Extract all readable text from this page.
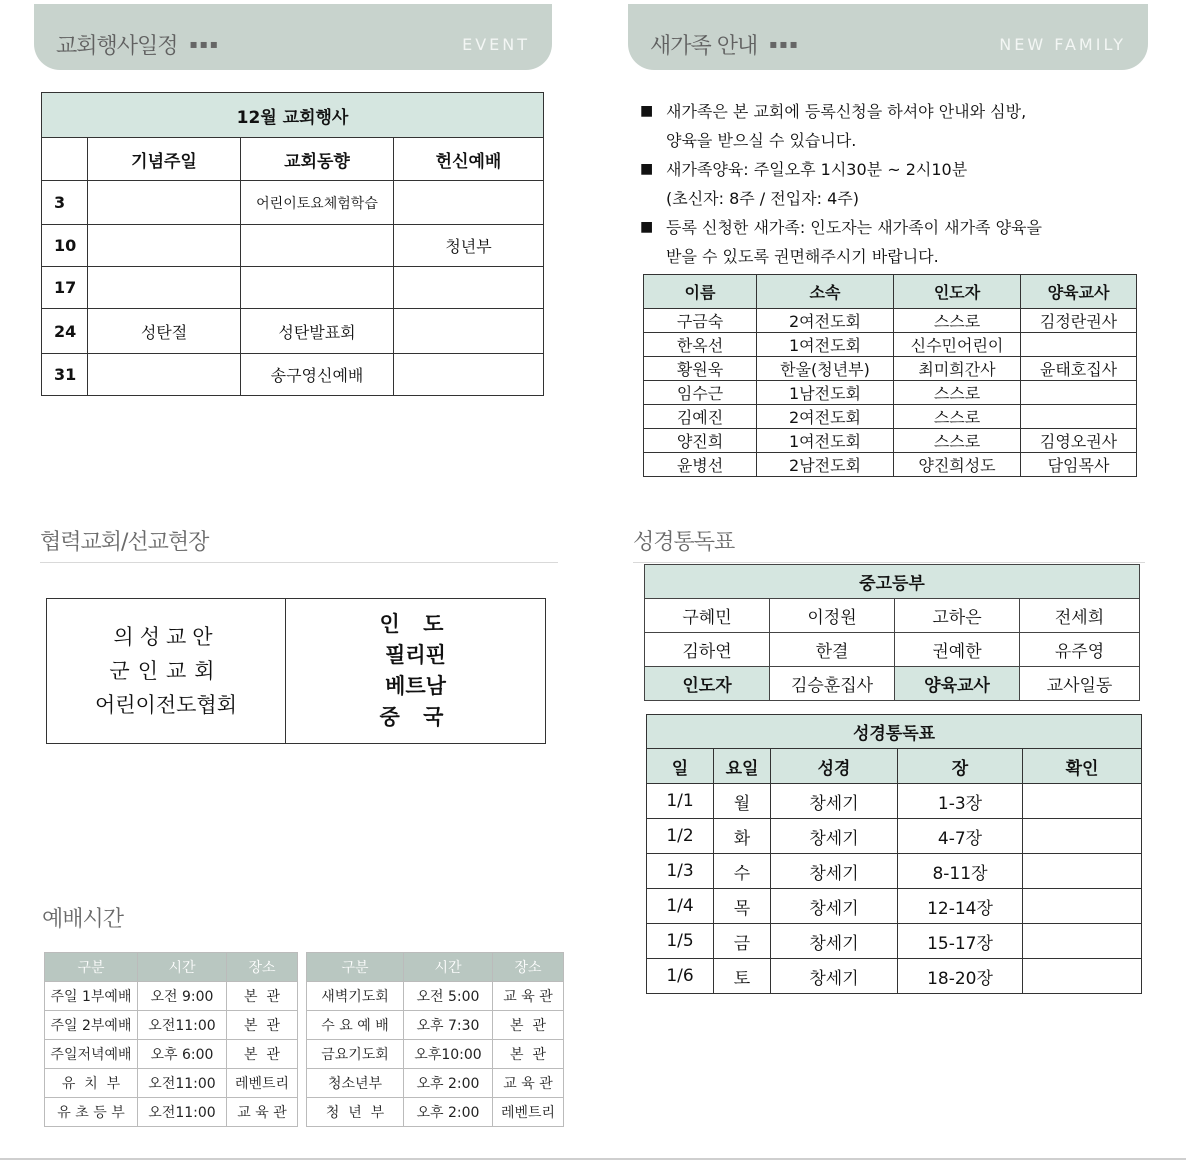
교회행사일정 ▪▪▪	EVENT
12월 교회행사			
	기념주일	교회동향	헌신예배
3		어린이토요체험학습	
10			청년부
17			
24	성탄절	성탄발표회	
31		송구영신예배	
협력교회/선교현장
의성교안
군인교회
어린이전도협회
인 도
필리핀
베트남
중 국
예배시간
구분	시간	장소
주일 1부예배	오전 9:00	본  관
주일 2부예배	오전11:00	본  관
주일저녁예배	오후 6:00	본  관
유  치  부	오전11:00	레벤트리
유 초 등 부	오전11:00	교 육 관
구분	시간	장소
새벽기도회	오전 5:00	교 육 관
수 요 예 배	오후 7:30	본  관
금요기도회	오후10:00	본  관
청소년부	오후 2:00	교 육 관
청  년  부	오후 2:00	레벤트리
새가족 안내 ▪▪▪	NEW FAMILY
■ 새가족은 본 교회에 등록신청을 하셔야 안내와 심방,
양육을 받으실 수 있습니다.
■ 새가족양육: 주일오후 1시30분 ~ 2시10분
(초신자: 8주 / 전입자: 4주)
■ 등록 신청한 새가족: 인도자는 새가족이 새가족 양육을
받을 수 있도록 권면해주시기 바랍니다.
이름	소속	인도자	양육교사
구금숙	2여전도회	스스로	김정란권사
한옥선	1여전도회	신수민어린이	
황원욱	한울(청년부)	최미희간사	윤태호집사
임수근	1남전도회	스스로	
김예진	2여전도회	스스로	
양진희	1여전도회	스스로	김영오권사
윤병선	2남전도회	양진희성도	담임목사
성경통독표
중고등부			
구혜민	이정원	고하은	전세희
김하연	한결	권예한	유주영
인도자	김승훈집사	양육교사	교사일동
성경통독표				
일	요일	성경	장	확인
1/1	월	창세기	1-3장	
1/2	화	창세기	4-7장	
1/3	수	창세기	8-11장	
1/4	목	창세기	12-14장	
1/5	금	창세기	15-17장	
1/6	토	창세기	18-20장	
